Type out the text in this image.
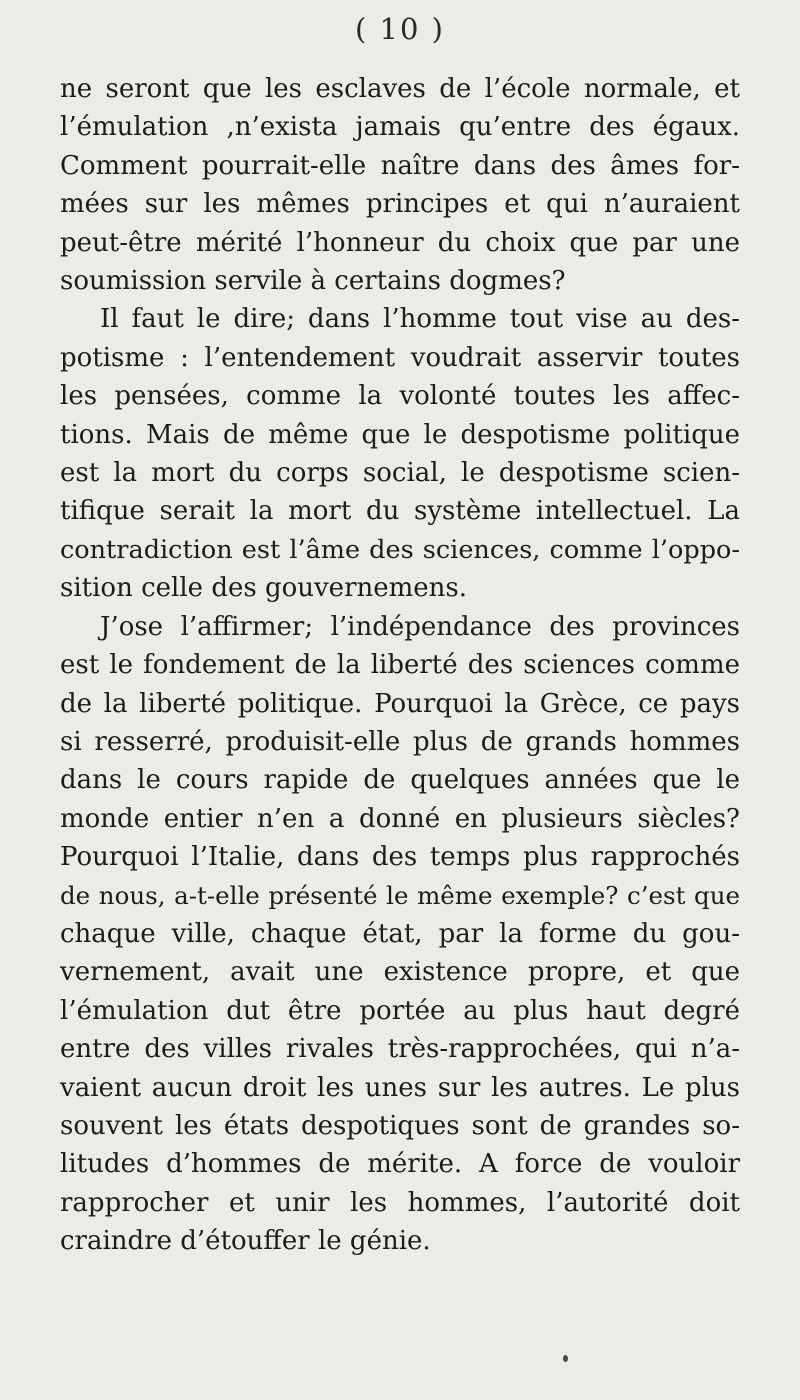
( 10 )
ne seront que les esclaves de l’école normale, et
l’émulation ,n’exista jamais qu’entre des égaux.
Comment pourrait-elle naître dans des âmes for-
mées sur les mêmes principes et qui n’auraient
peut-être mérité l’honneur du choix que par une
soumission servile à certains dogmes?
Il faut le dire; dans l’homme tout vise au des-
potisme : l’entendement voudrait asservir toutes
les pensées, comme la volonté toutes les affec-
tions. Mais de même que le despotisme politique
est la mort du corps social, le despotisme scien-
tifique serait la mort du système intellectuel. La
contradiction est l’âme des sciences, comme l’oppo-
sition celle des gouvernemens.
J’ose l’affirmer; l’indépendance des provinces
est le fondement de la liberté des sciences comme
de la liberté politique. Pourquoi la Grèce, ce pays
si resserré, produisit-elle plus de grands hommes
dans le cours rapide de quelques années que le
monde entier n’en a donné en plusieurs siècles?
Pourquoi l’Italie, dans des temps plus rapprochés
de nous, a-t-elle présenté le même exemple? c’est que
chaque ville, chaque état, par la forme du gou-
vernement, avait une existence propre, et que
l’émulation dut être portée au plus haut degré
entre des villes rivales très-rapprochées, qui n’a-
vaient aucun droit les unes sur les autres. Le plus
souvent les états despotiques sont de grandes so-
litudes d’hommes de mérite. A force de vouloir
rapprocher et unir les hommes, l’autorité doit
craindre d’étouffer le génie.
